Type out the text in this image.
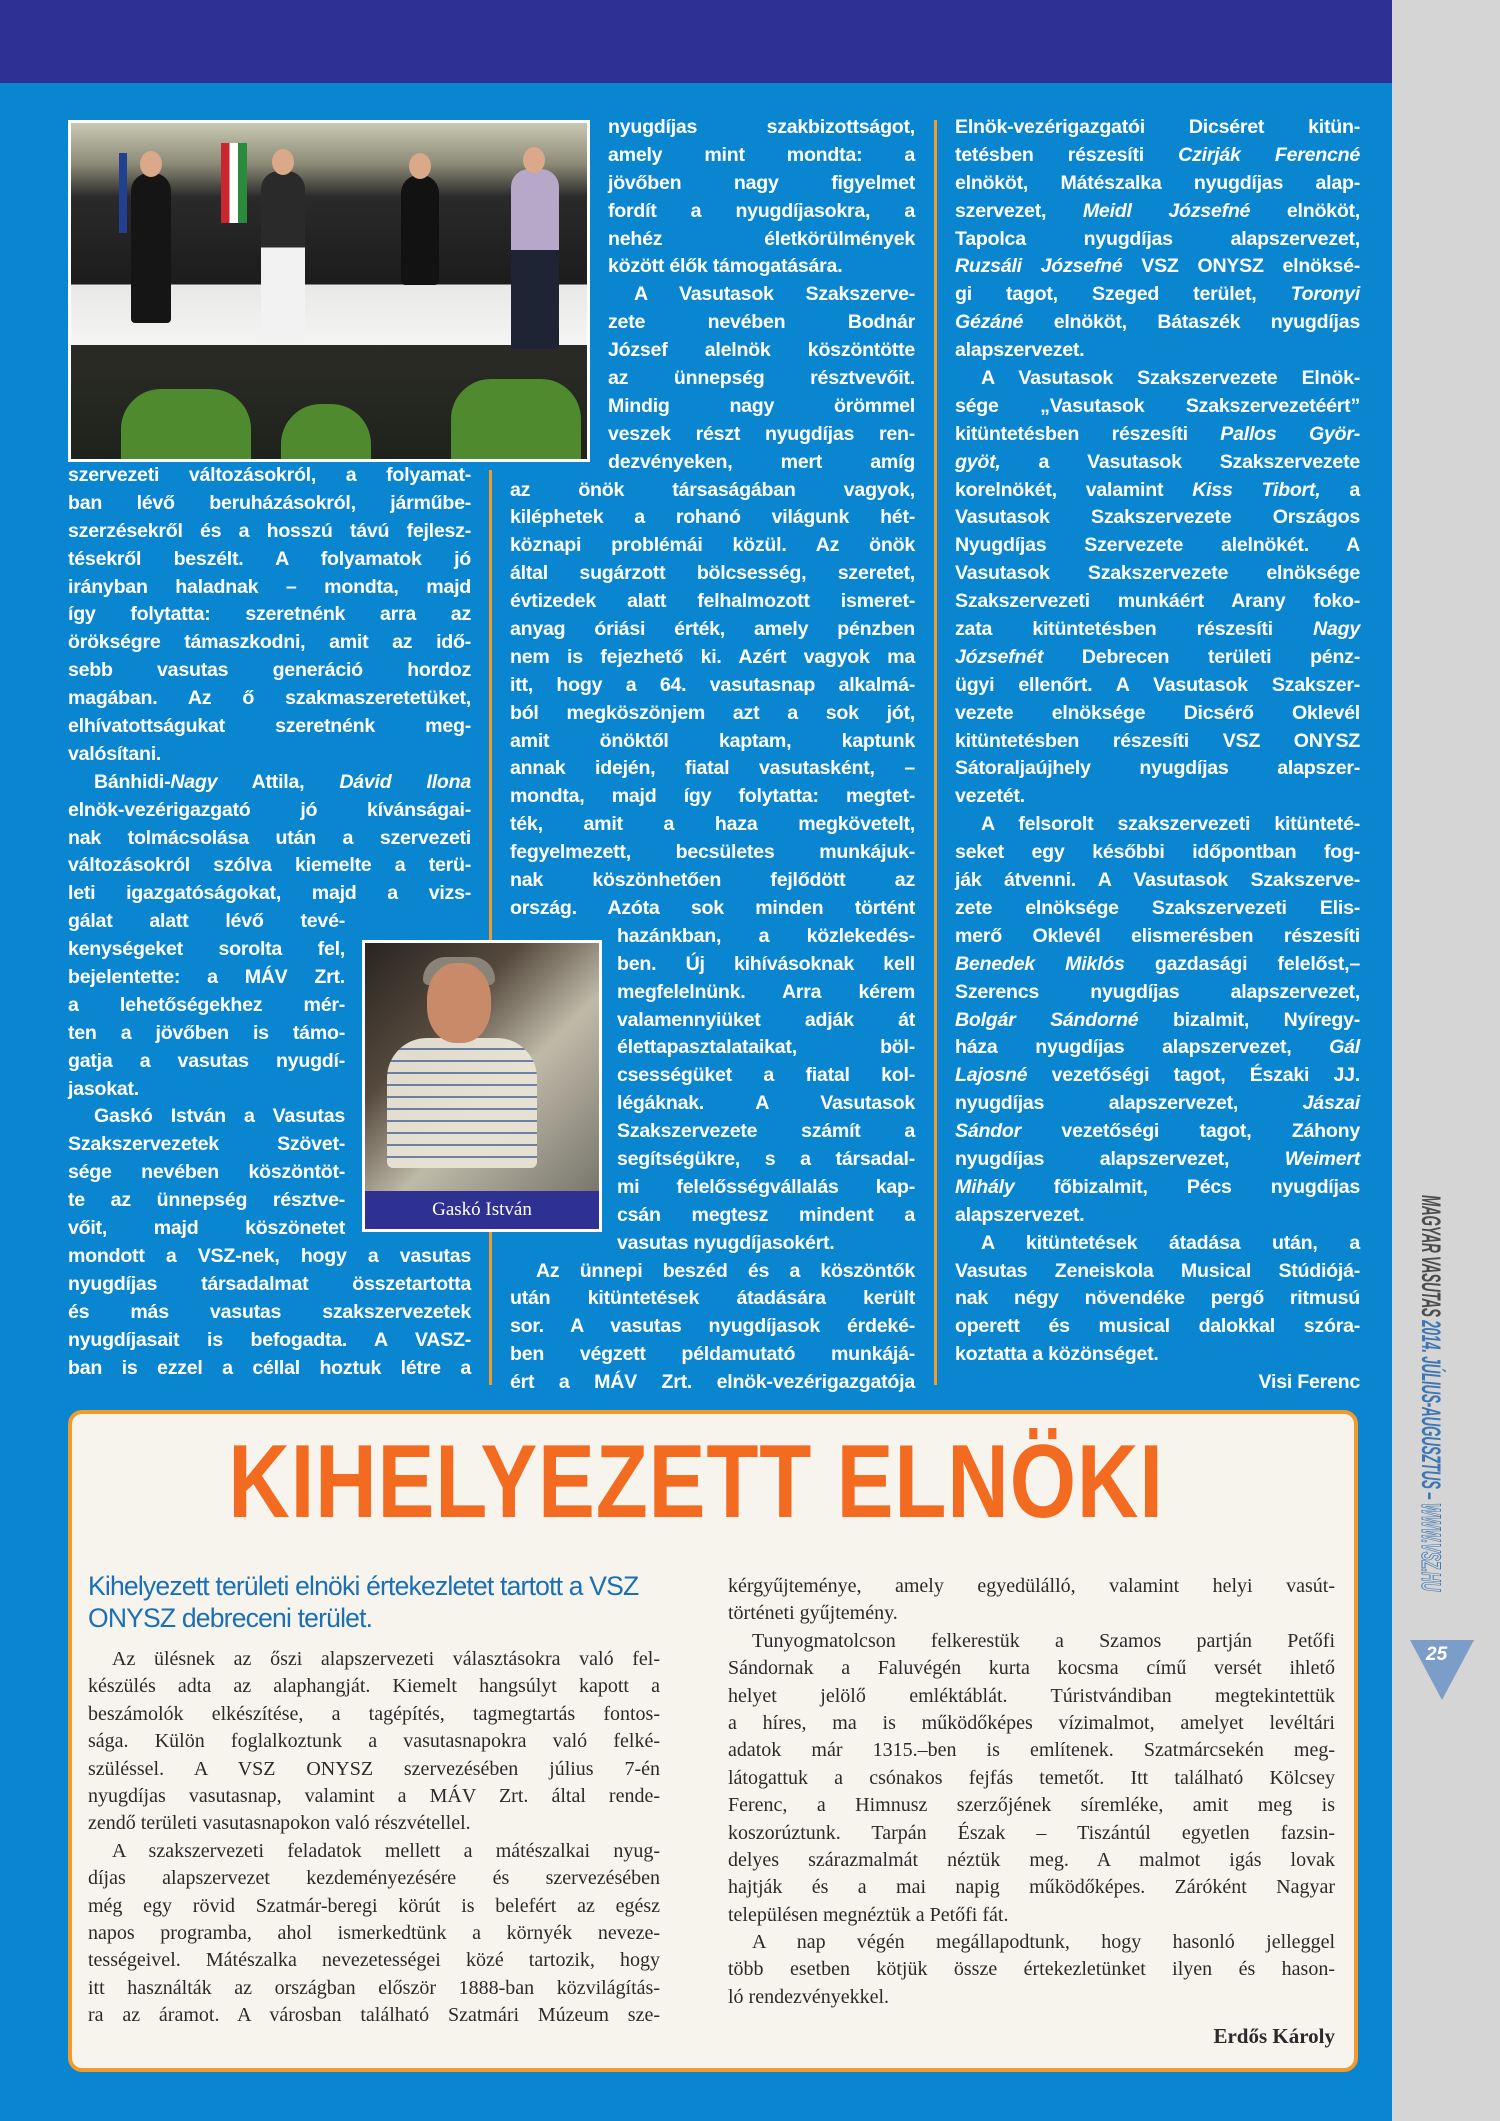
MAGYAR VASUTAS 2014. JÚLIUS-AUGUSZTUS – WWW.VSZ.HU
25
Gaskó István
szervezeti változásokról, a folyamat-
ban lévő beruházásokról, járműbe-
szerzésekről és a hosszú távú fejlesz-
tésekről beszélt. A folyamatok jó
irányban haladnak – mondta, majd
így folytatta: szeretnénk arra az
örökségre támaszkodni, amit az idő-
sebb vasutas generáció hordoz
magában. Az ő szakmaszeretetüket,
elhívatottságukat szeretnénk meg-
valósítani.
Bánhidi-Nagy Attila, Dávid Ilona
elnök-vezérigazgató jó kívánságai-
nak tolmácsolása után a szervezeti
változásokról szólva kiemelte a terü-
leti igazgatóságokat, majd a vizs-
gálat alatt lévő tevé-
kenységeket sorolta fel,
bejelentette: a MÁV Zrt.
a lehetőségekhez mér-
ten a jövőben is támo-
gatja a vasutas nyugdí-
jasokat.
Gaskó István a Vasutas
Szakszervezetek Szövet-
sége nevében köszöntöt-
te az ünnepség résztve-
vőit, majd köszönetet
mondott a VSZ-nek, hogy a vasutas
nyugdíjas társadalmat összetartotta
és más vasutas szakszervezetek
nyugdíjasait is befogadta. A VASZ-
ban is ezzel a céllal hoztuk létre a
nyugdíjas szakbizottságot,
amely mint mondta: a
jövőben nagy figyelmet
fordít a nyugdíjasokra, a
nehéz életkörülmények
között élők támogatására.
A Vasutasok Szakszerve-
zete nevében Bodnár
József alelnök köszöntötte
az ünnepség résztvevőit.
Mindig nagy örömmel
veszek részt nyugdíjas ren-
dezvényeken, mert amíg
az önök társaságában vagyok,
kiléphetek a rohanó világunk hét-
köznapi problémái közül. Az önök
által sugárzott bölcsesség, szeretet,
évtizedek alatt felhalmozott ismeret-
anyag óriási érték, amely pénzben
nem is fejezhető ki. Azért vagyok ma
itt, hogy a 64. vasutasnap alkalmá-
ból megköszönjem azt a sok jót,
amit önöktől kaptam, kaptunk
annak idején, fiatal vasutasként, –
mondta, majd így folytatta: megtet-
ték, amit a haza megkövetelt,
fegyelmezett, becsületes munkájuk-
nak köszönhetően fejlődött az
ország. Azóta sok minden történt
hazánkban, a közlekedés-
ben. Új kihívásoknak kell
megfelelnünk. Arra kérem
valamennyiüket adják át
élettapasztalataikat, böl-
csességüket a fiatal kol-
légáknak. A Vasutasok
Szakszervezete számít a
segítségükre, s a társadal-
mi felelősségvállalás kap-
csán megtesz mindent a
vasutas nyugdíjasokért.
Az ünnepi beszéd és a köszöntők
után kitüntetések átadására került
sor. A vasutas nyugdíjasok érdeké-
ben végzett példamutató munkájá-
ért a MÁV Zrt. elnök-vezérigazgatója
Elnök-vezérigazgatói Dicséret kitün-
tetésben részesíti Czirják Ferencné
elnököt, Mátészalka nyugdíjas alap-
szervezet, Meidl Józsefné elnököt,
Tapolca nyugdíjas alapszervezet,
Ruzsáli Józsefné VSZ ONYSZ elnöksé-
gi tagot, Szeged terület, Toronyi
Gézáné elnököt, Bátaszék nyugdíjas
alapszervezet.
A Vasutasok Szakszervezete Elnök-
sége „Vasutasok Szakszervezetéért”
kitüntetésben részesíti Pallos Györ-
gyöt, a Vasutasok Szakszervezete
korelnökét, valamint Kiss Tibort, a
Vasutasok Szakszervezete Országos
Nyugdíjas Szervezete alelnökét. A
Vasutasok Szakszervezete elnöksége
Szakszervezeti munkáért Arany foko-
zata kitüntetésben részesíti Nagy
Józsefnét Debrecen területi pénz-
ügyi ellenőrt. A Vasutasok Szakszer-
vezete elnöksége Dicsérő Oklevél
kitüntetésben részesíti VSZ ONYSZ
Sátoraljaújhely nyugdíjas alapszer-
vezetét.
A felsorolt szakszervezeti kitünteté-
seket egy későbbi időpontban fog-
ják átvenni. A Vasutasok Szakszerve-
zete elnöksége Szakszervezeti Elis-
merő Oklevél elismerésben részesíti
Benedek Miklós gazdasági felelőst,–
Szerencs nyugdíjas alapszervezet,
Bolgár Sándorné bizalmit, Nyíregy-
háza nyugdíjas alapszervezet, Gál
Lajosné vezetőségi tagot, Északi JJ.
nyugdíjas alapszervezet, Jászai
Sándor vezetőségi tagot, Záhony
nyugdíjas alapszervezet, Weimert
Mihály főbizalmit, Pécs nyugdíjas
alapszervezet.
A kitüntetések átadása után, a
Vasutas Zeneiskola Musical Stúdiójá-
nak négy növendéke pergő ritmusú
operett és musical dalokkal szóra-
koztatta a közönséget.
Visi Ferenc
KIHELYEZETT ELNÖKI
Kihelyezett területi elnöki értekezletet tartott a VSZ ONYSZ debreceni terület.
Az ülésnek az őszi alapszervezeti választásokra való fel-
készülés adta az alaphangját. Kiemelt hangsúlyt kapott a
beszámolók elkészítése, a tagépítés, tagmegtartás fontos-
sága. Külön foglalkoztunk a vasutasnapokra való felké-
szüléssel. A VSZ ONYSZ szervezésében július 7-én
nyugdíjas vasutasnap, valamint a MÁV Zrt. által rende-
zendő területi vasutasnapokon való részvétellel.
A szakszervezeti feladatok mellett a mátészalkai nyug-
díjas alapszervezet kezdeményezésére és szervezésében
még egy rövid Szatmár-beregi körút is belefért az egész
napos programba, ahol ismerkedtünk a környék neveze-
tességeivel. Mátészalka nevezetességei közé tartozik, hogy
itt használták az országban először 1888-ban közvilágítás-
ra az áramot. A városban található Szatmári Múzeum sze-
kérgyűjteménye, amely egyedülálló, valamint helyi vasút-
történeti gyűjtemény.
Tunyogmatolcson felkerestük a Szamos partján Petőfi
Sándornak a Faluvégén kurta kocsma című versét ihlető
helyet jelölő emléktáblát. Túristvándiban megtekintettük
a híres, ma is működőképes vízimalmot, amelyet levéltári
adatok már 1315.–ben is említenek. Szatmárcsekén meg-
látogattuk a csónakos fejfás temetőt. Itt található Kölcsey
Ferenc, a Himnusz szerzőjének síremléke, amit meg is
koszorúztunk. Tarpán Észak – Tiszántúl egyetlen fazsin-
delyes szárazmalmát néztük meg. A malmot igás lovak
hajtják és a mai napig működőképes. Záróként Nagyar
településen megnéztük a Petőfi fát.
A nap végén megállapodtunk, hogy hasonló jelleggel
több esetben kötjük össze értekezletünket ilyen és hason-
ló rendezvényekkel.
Erdős Károly
